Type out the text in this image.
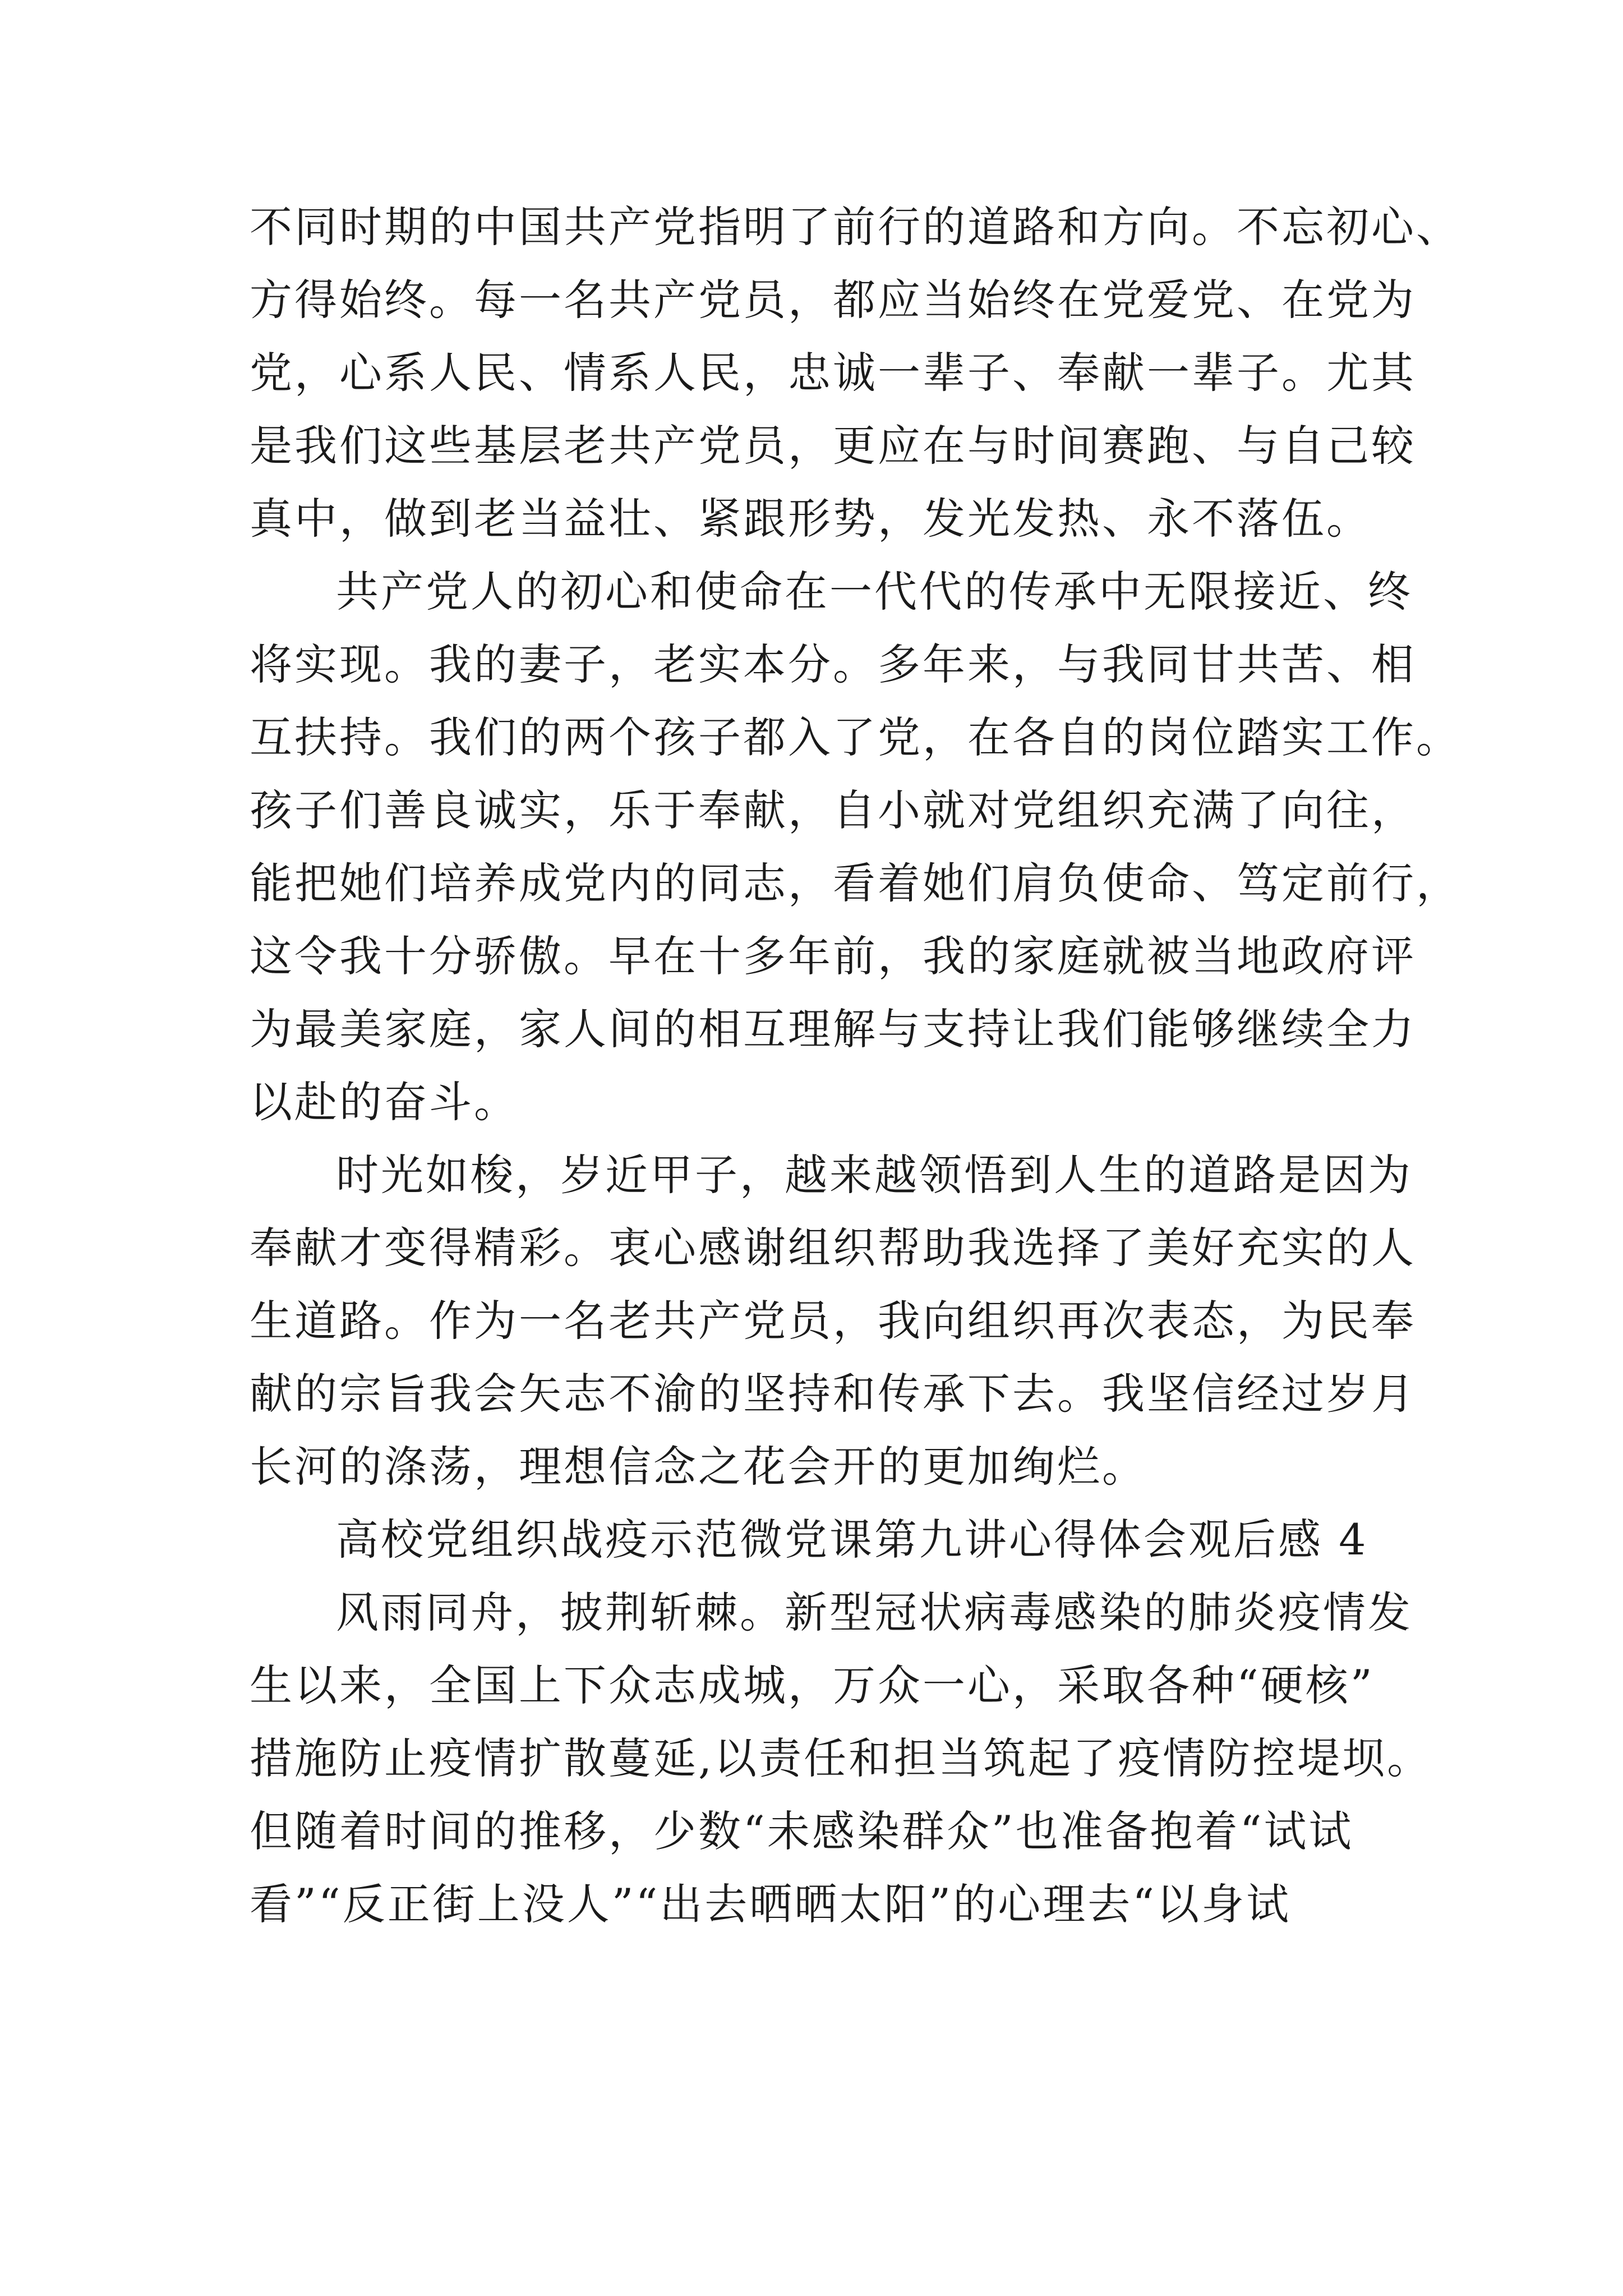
不同时期的中国共产党指明了前行的道路和方向。不忘初心、
方得始终。每一名共产党员，都应当始终在党爱党、在党为
党，心系人民、情系人民，忠诚一辈子、奉献一辈子。尤其
是我们这些基层老共产党员，更应在与时间赛跑、与自己较
真中，做到老当益壮、紧跟形势，发光发热、永不落伍。
共产党人的初心和使命在一代代的传承中无限接近、终
将实现。我的妻子，老实本分。多年来，与我同甘共苦、相
互扶持。我们的两个孩子都入了党，在各自的岗位踏实工作。
孩子们善良诚实，乐于奉献，自小就对党组织充满了向往，
能把她们培养成党内的同志，看着她们肩负使命、笃定前行，
这令我十分骄傲。早在十多年前，我的家庭就被当地政府评
为最美家庭，家人间的相互理解与支持让我们能够继续全力
以赴的奋斗。
时光如梭，岁近甲子，越来越领悟到人生的道路是因为
奉献才变得精彩。衷心感谢组织帮助我选择了美好充实的人
生道路。作为一名老共产党员，我向组织再次表态，为民奉
献的宗旨我会矢志不渝的坚持和传承下去。我坚信经过岁月
长河的涤荡，理想信念之花会开的更加绚烂。
高校党组织战疫示范微党课第九讲心得体会观后感 4
风雨同舟，披荆斩棘。新型冠状病毒感染的肺炎疫情发
生以来，全国上下众志成城，万众一心，采取各种“硬核”
措施防止疫情扩散蔓延,以责任和担当筑起了疫情防控堤坝。
但随着时间的推移，少数“未感染群众”也准备抱着“试试
看”“反正街上没人”“出去晒晒太阳”的心理去“以身试
